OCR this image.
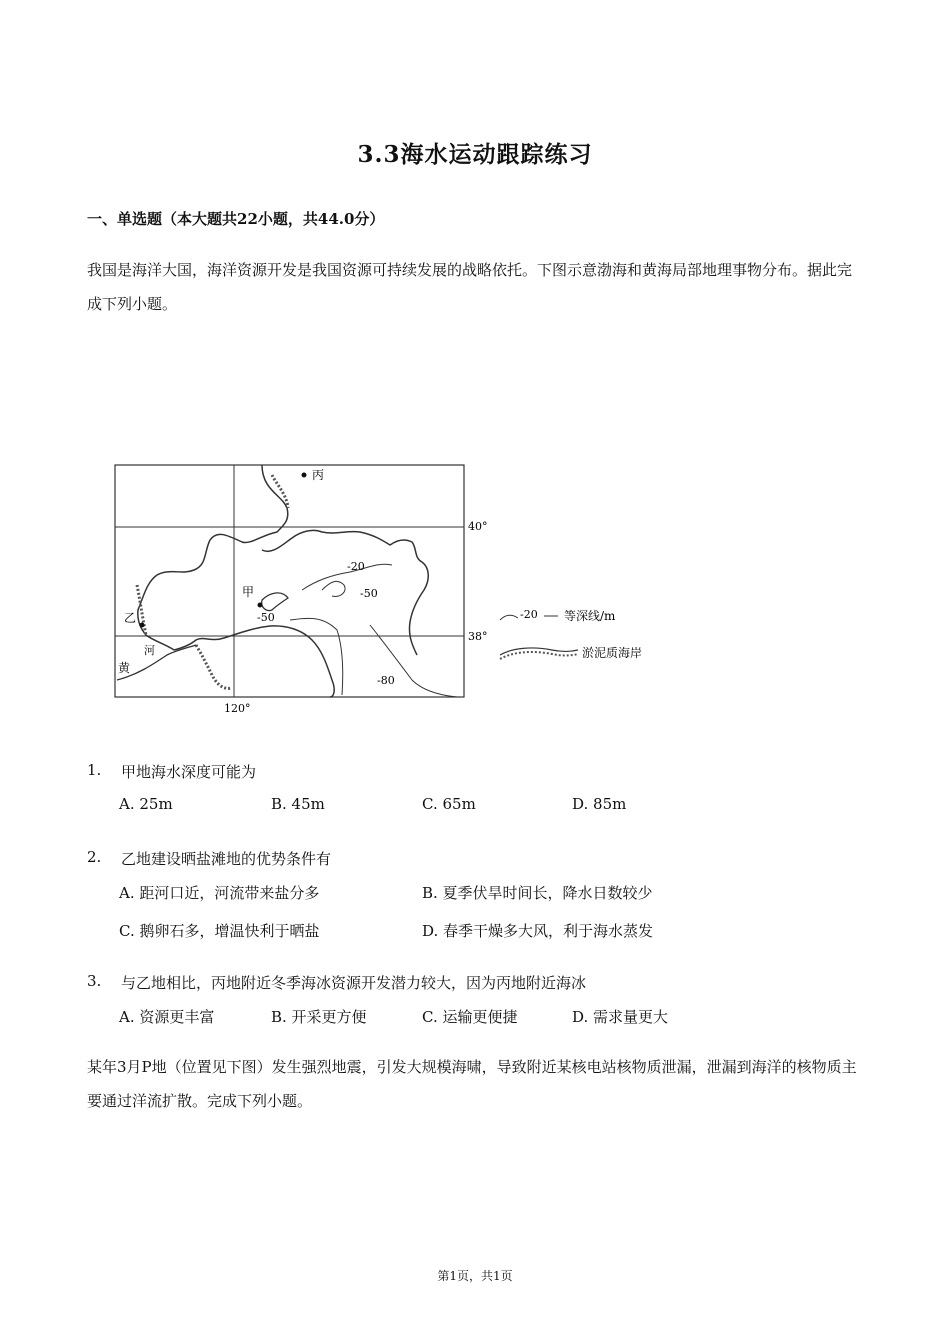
3.3海水运动跟踪练习
一、单选题（本大题共22小题，共44.0分）
我国是海洋大国，海洋资源开发是我国资源可持续发展的战略依托。下图示意渤海和黄海局部地理事物分布。据此完成下列小题。
丙
甲
乙
黄
河
40°
38°
120°
-20
-50
-50
-80
-20 等深线/m
淤泥质海岸
1.	甲地海水深度可能为
A. 25m	B. 45m	C. 65m	D. 85m
2.	乙地建设晒盐滩地的优势条件有
A. 距河口近，河流带来盐分多	B. 夏季伏旱时间长，降水日数较少
C. 鹅卵石多，增温快利于晒盐	D. 春季干燥多大风，利于海水蒸发
3.	与乙地相比，丙地附近冬季海冰资源开发潜力较大，因为丙地附近海冰
A. 资源更丰富	B. 开采更方便	C. 运输更便捷	D. 需求量更大
某年3月P地（位置见下图）发生强烈地震，引发大规模海啸，导致附近某核电站核物质泄漏，泄漏到海洋的核物质主要通过洋流扩散。完成下列小题。
第1页，共1页
